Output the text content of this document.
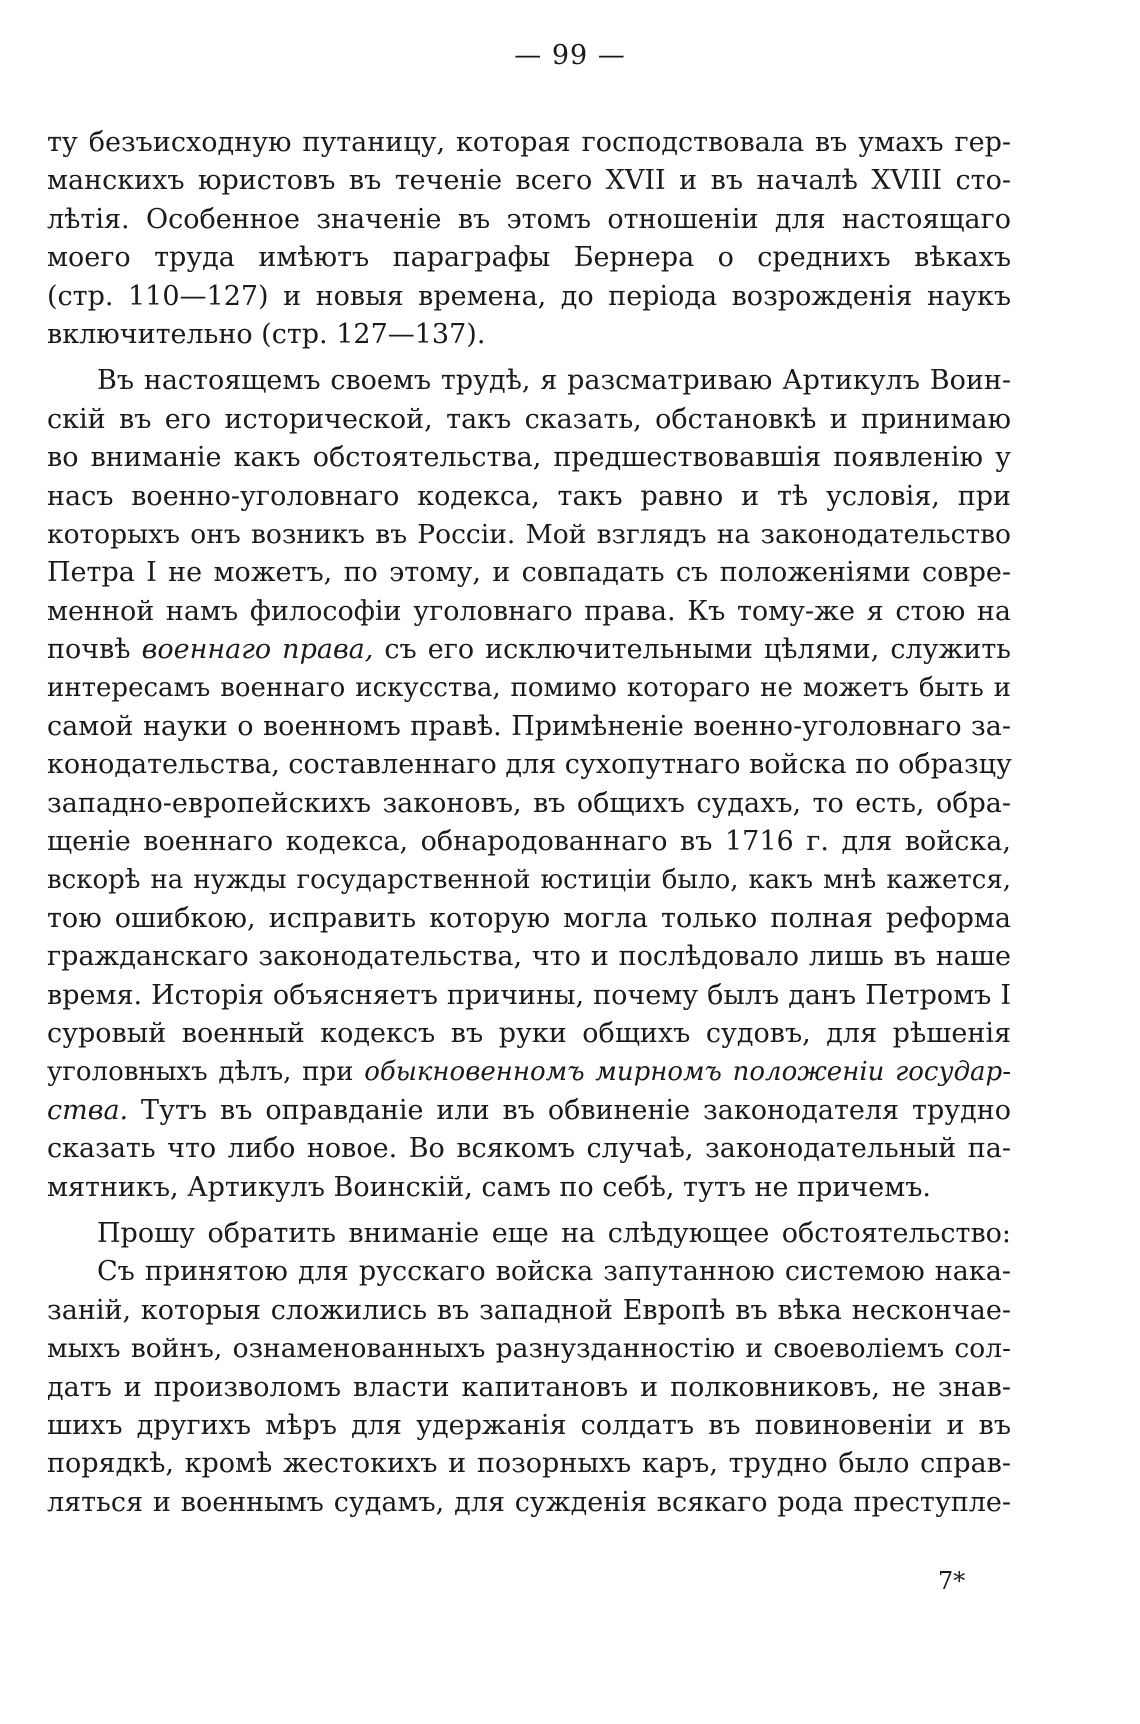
— 99 —
ту безъисходную путаницу, которая господствовала въ умахъ гер-
манскихъ юристовъ въ теченіе всего XVII и въ началѣ XVIII сто-
лѣтія. Особенное значеніе въ этомъ отношеніи для настоящаго
моего труда имѣютъ параграфы Бернера о среднихъ вѣкахъ
(стр. 110—127) и новыя времена, до періода возрожденія наукъ
включительно (стр. 127—137).
Въ настоящемъ своемъ трудѣ, я разсматриваю Артикулъ Воин-
скій въ его исторической, такъ сказать, обстановкѣ и принимаю
во вниманіе какъ обстоятельства, предшествовавшія появленію у
насъ военно-уголовнаго кодекса, такъ равно и тѣ условія, при
которыхъ онъ возникъ въ Россіи. Мой взглядъ на законодательство
Петра I не можетъ, по этому, и совпадать съ положеніями совре-
менной намъ философіи уголовнаго права. Къ тому-же я стою на
почвѣ военнаго права, съ его исключительными цѣлями, служить
интересамъ военнаго искусства, помимо котораго не можетъ быть и
самой науки о военномъ правѣ. Примѣненіе военно-уголовнаго за-
конодательства, составленнаго для сухопутнаго войска по образцу
западно-европейскихъ законовъ, въ общихъ судахъ, то есть, обра-
щеніе военнаго кодекса, обнародованнаго въ 1716 г. для войска,
вскорѣ на нужды государственной юстиціи было, какъ мнѣ кажется,
тою ошибкою, исправить которую могла только полная реформа
гражданскаго законодательства, что и послѣдовало лишь въ наше
время. Исторія объясняетъ причины, почему былъ данъ Петромъ I
суровый военный кодексъ въ руки общихъ судовъ, для рѣшенія
уголовныхъ дѣлъ, при обыкновенномъ мирномъ положеніи государ-
ства. Тутъ въ оправданіе или въ обвиненіе законодателя трудно
сказать что либо новое. Во всякомъ случаѣ, законодательный па-
мятникъ, Артикулъ Воинскій, самъ по себѣ, тутъ не причемъ.
Прошу обратить вниманіе еще на слѣдующее обстоятельство:
Съ принятою для русскаго войска запутанною системою нака-
заній, которыя сложились въ западной Европѣ въ вѣка нескончае-
мыхъ войнъ, ознаменованныхъ разнузданностію и своеволіемъ сол-
датъ и произволомъ власти капитановъ и полковниковъ, не знав-
шихъ другихъ мѣръ для удержанія солдатъ въ повиновеніи и въ
порядкѣ, кромѣ жестокихъ и позорныхъ каръ, трудно было справ-
ляться и военнымъ судамъ, для сужденія всякаго рода преступле-
7*
